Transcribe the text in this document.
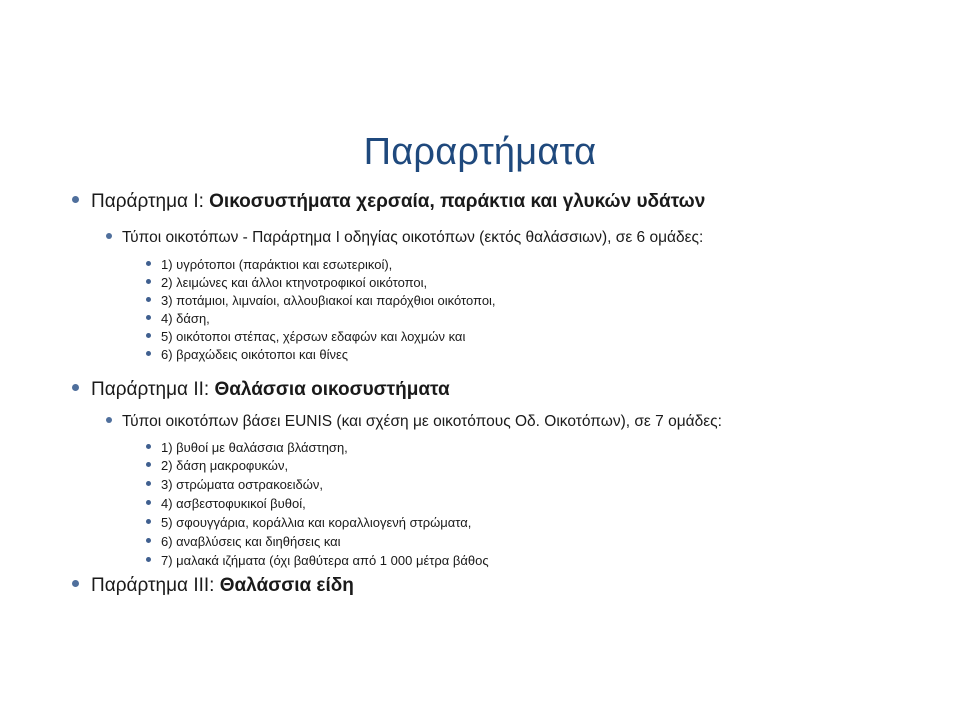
Παραρτήματα
Παράρτημα I: Οικοσυστήματα χερσαία, παράκτια και γλυκών υδάτων
Τύποι οικοτόπων - Παράρτημα I οδηγίας οικοτόπων (εκτός θαλάσσιων), σε 6 ομάδες:
1) υγρότοποι (παράκτιοι και εσωτερικοί),
2) λειμώνες και άλλοι κτηνοτροφικοί οικότοποι,
3) ποτάμιοι, λιμναίοι, αλλουβιακοί και παρόχθιοι οικότοποι,
4) δάση,
5) οικότοποι στέπας, χέρσων εδαφών και λοχμών και
6) βραχώδεις οικότοποι και θίνες
Παράρτημα II: Θαλάσσια οικοσυστήματα
Τύποι οικοτόπων βάσει EUNIS (και σχέση με οικοτόπους Οδ. Οικοτόπων), σε 7 ομάδες:
1) βυθοί με θαλάσσια βλάστηση,
2) δάση μακροφυκών,
3) στρώματα οστρακοειδών,
4) ασβεστοφυκικοί βυθοί,
5) σφουγγάρια, κοράλλια και κοραλλιογενή στρώματα,
6) αναβλύσεις και διηθήσεις και
7) μαλακά ιζήματα (όχι βαθύτερα από 1 000 μέτρα βάθος
Παράρτημα III: Θαλάσσια είδη
